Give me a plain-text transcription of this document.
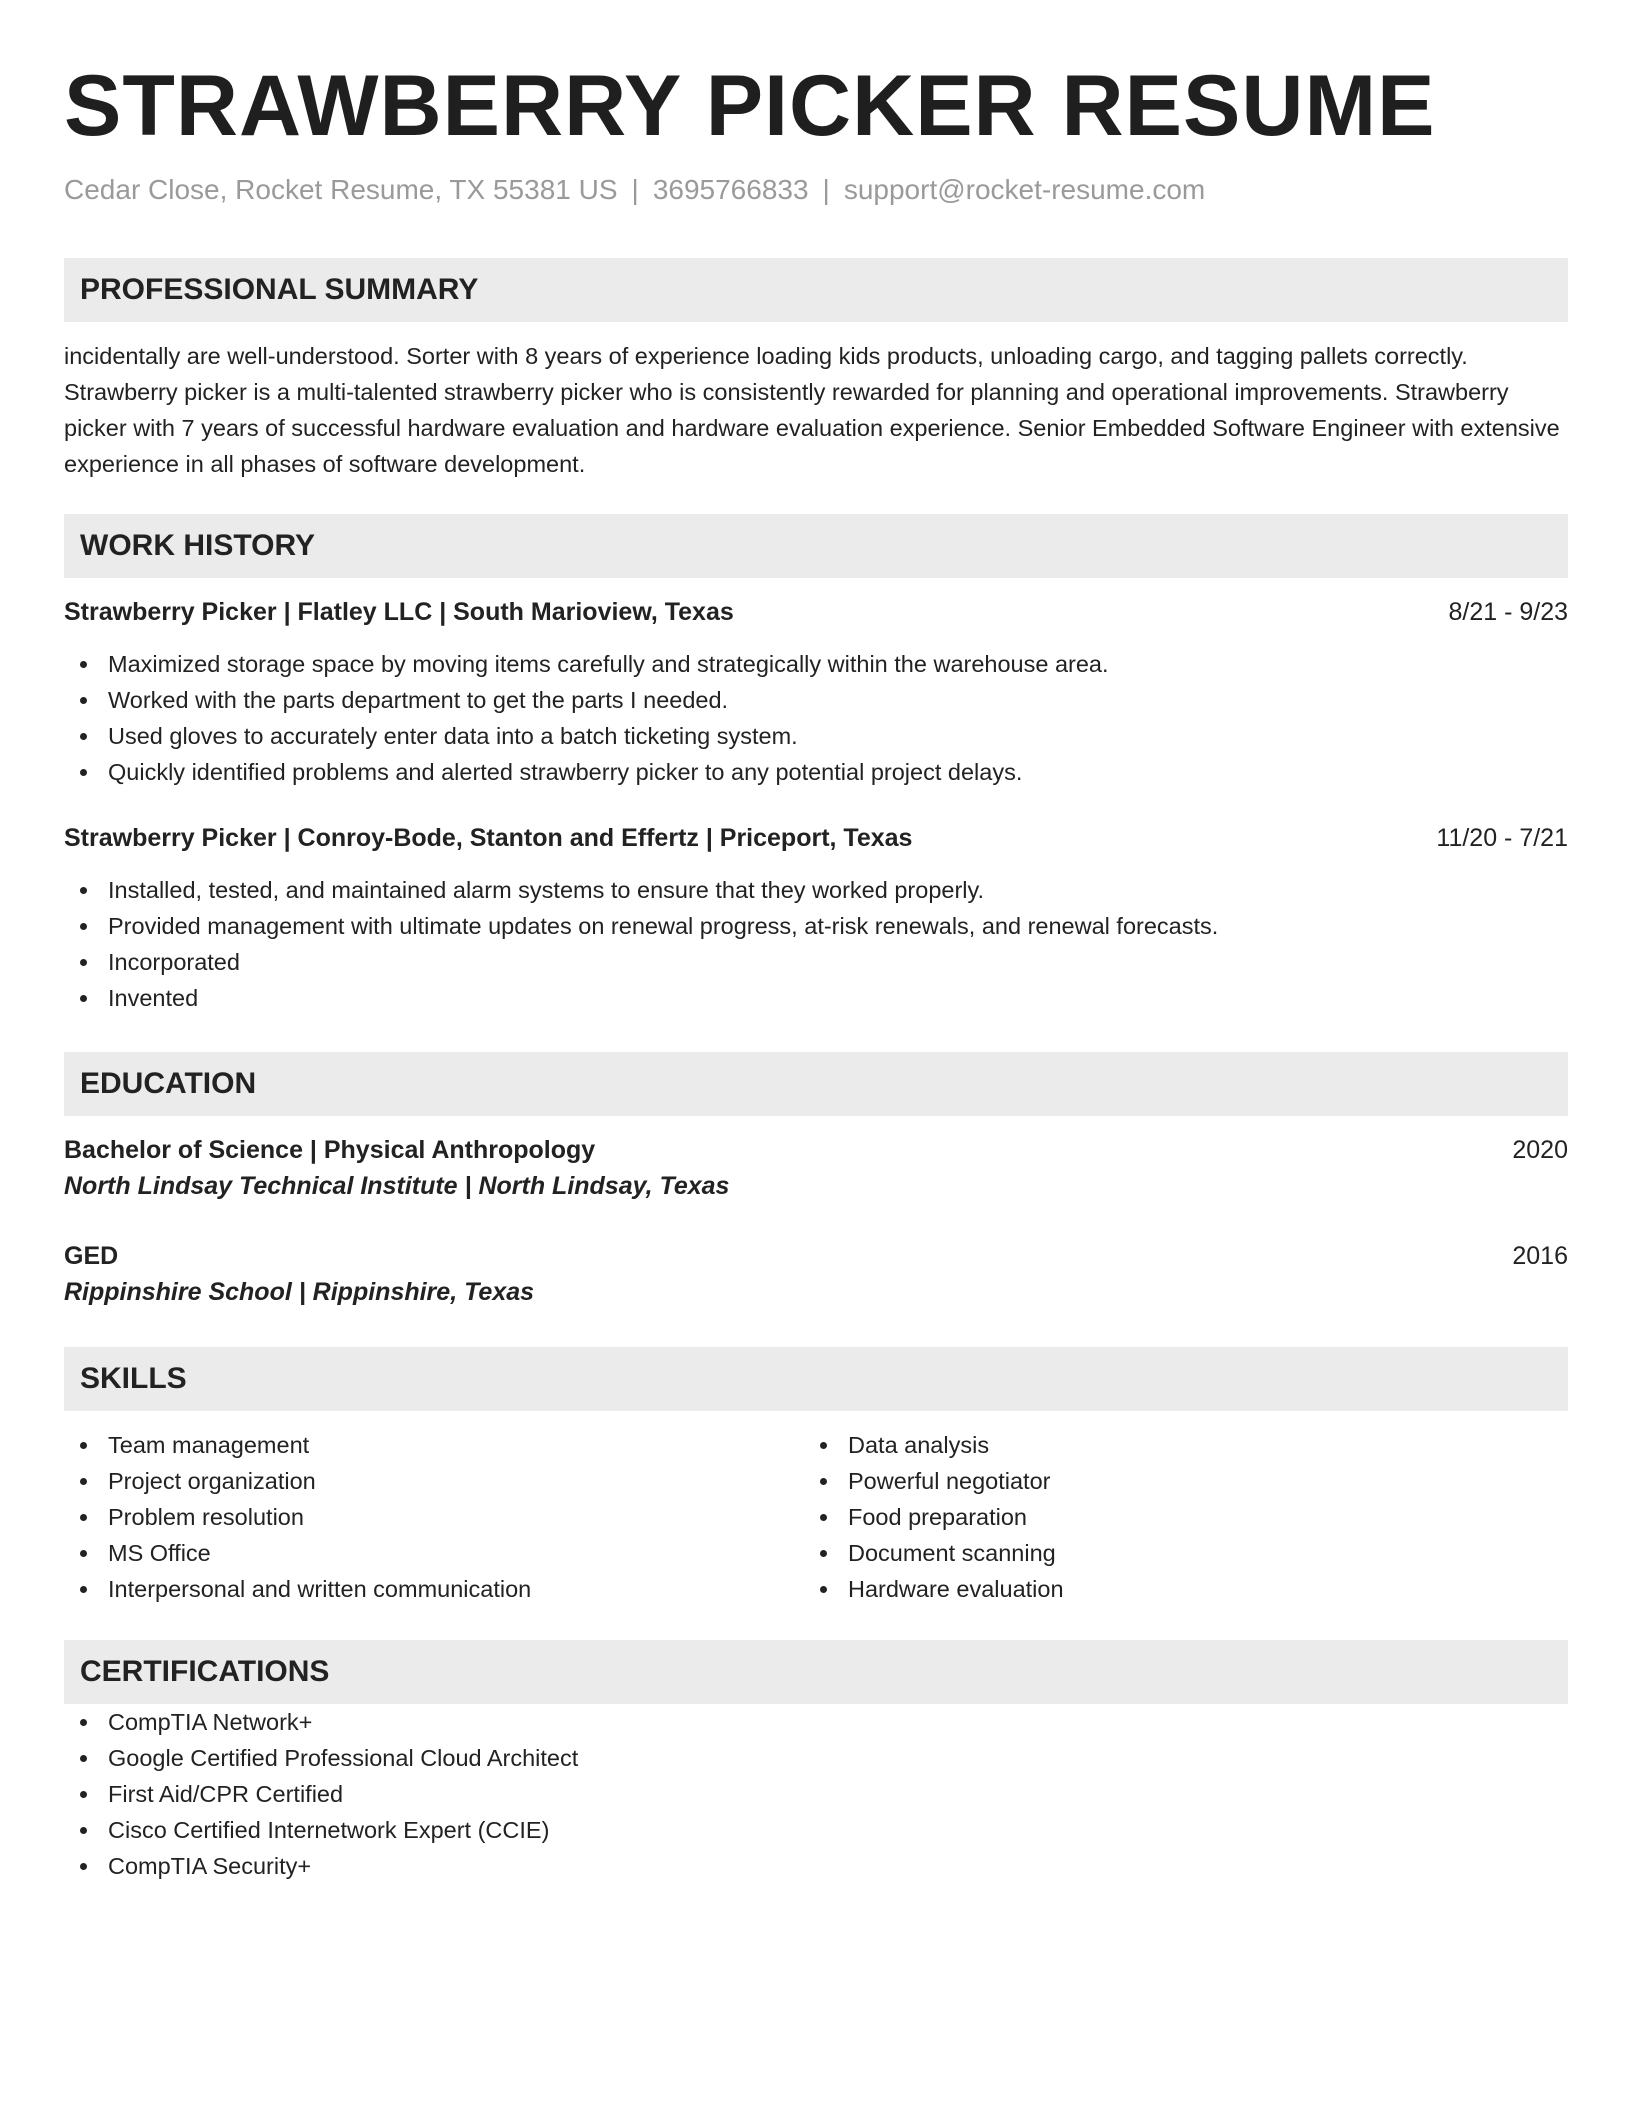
STRAWBERRY PICKER RESUME
Cedar Close, Rocket Resume, TX 55381 US | 3695766833 | support@rocket-resume.com
PROFESSIONAL SUMMARY
incidentally are well-understood. Sorter with 8 years of experience loading kids products, unloading cargo, and tagging pallets correctly. Strawberry picker is a multi-talented strawberry picker who is consistently rewarded for planning and operational improvements. Strawberry picker with 7 years of successful hardware evaluation and hardware evaluation experience. Senior Embedded Software Engineer with extensive experience in all phases of software development.
WORK HISTORY
Strawberry Picker | Flatley LLC | South Marioview, Texas	8/21 - 9/23
Maximized storage space by moving items carefully and strategically within the warehouse area.
Worked with the parts department to get the parts I needed.
Used gloves to accurately enter data into a batch ticketing system.
Quickly identified problems and alerted strawberry picker to any potential project delays.
Strawberry Picker | Conroy-Bode, Stanton and Effertz | Priceport, Texas	11/20 - 7/21
Installed, tested, and maintained alarm systems to ensure that they worked properly.
Provided management with ultimate updates on renewal progress, at-risk renewals, and renewal forecasts.
Incorporated
Invented
EDUCATION
Bachelor of Science | Physical Anthropology	2020
North Lindsay Technical Institute | North Lindsay, Texas
GED	2016
Rippinshire School | Rippinshire, Texas
SKILLS
Team management
Project organization
Problem resolution
MS Office
Interpersonal and written communication
Data analysis
Powerful negotiator
Food preparation
Document scanning
Hardware evaluation
CERTIFICATIONS
CompTIA Network+
Google Certified Professional Cloud Architect
First Aid/CPR Certified
Cisco Certified Internetwork Expert (CCIE)
CompTIA Security+
